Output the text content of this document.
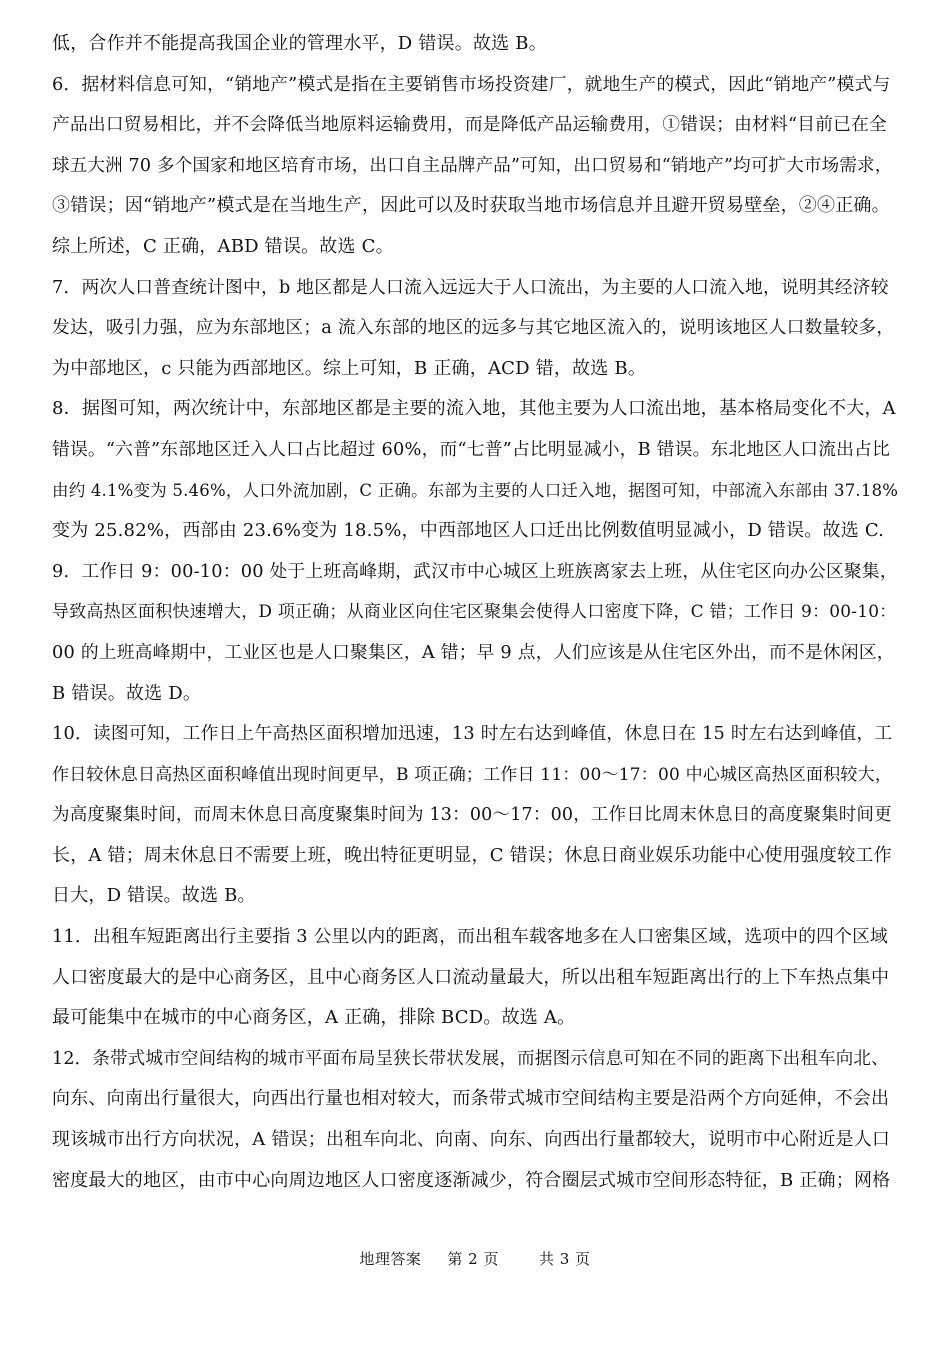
低，合作并不能提高我国企业的管理水平，D 错误。故选 B。
6．据材料信息可知，“销地产”模式是指在主要销售市场投资建厂，就地生产的模式，因此“销地产”模式与
产品出口贸易相比，并不会降低当地原料运输费用，而是降低产品运输费用，①错误；由材料“目前已在全
球五大洲 70 多个国家和地区培育市场，出口自主品牌产品”可知，出口贸易和“销地产”均可扩大市场需求，
③错误；因“销地产”模式是在当地生产，因此可以及时获取当地市场信息并且避开贸易壁垒，②④正确。
综上所述，C 正确，ABD 错误。故选 C。
7．两次人口普查统计图中，b 地区都是人口流入远远大于人口流出，为主要的人口流入地，说明其经济较
发达，吸引力强，应为东部地区；a 流入东部的地区的远多与其它地区流入的，说明该地区人口数量较多，
为中部地区，c 只能为西部地区。综上可知，B 正确，ACD 错，故选 B。
8．据图可知，两次统计中，东部地区都是主要的流入地，其他主要为人口流出地，基本格局变化不大，A
错误。“六普”东部地区迁入人口占比超过 60%，而“七普”占比明显减小，B 错误。东北地区人口流出占比
由约 4.1%变为 5.46%，人口外流加剧，C 正确。东部为主要的人口迁入地，据图可知，中部流入东部由 37.18%
变为 25.82%，西部由 23.6%变为 18.5%，中西部地区人口迁出比例数值明显减小，D 错误。故选 C.
9．工作日 9：00-10：00 处于上班高峰期，武汉市中心城区上班族离家去上班，从住宅区向办公区聚集，
导致高热区面积快速增大，D 项正确；从商业区向住宅区聚集会使得人口密度下降，C 错；工作日 9：00-10：
00 的上班高峰期中，工业区也是人口聚集区，A 错；早 9 点，人们应该是从住宅区外出，而不是休闲区，
B 错误。故选 D。
10．读图可知，工作日上午高热区面积增加迅速，13 时左右达到峰值，休息日在 15 时左右达到峰值，工
作日较休息日高热区面积峰值出现时间更早，B 项正确；工作日 11：00～17：00 中心城区高热区面积较大，
为高度聚集时间，而周末休息日高度聚集时间为 13：00～17：00，工作日比周末休息日的高度聚集时间更
长，A 错；周末休息日不需要上班，晚出特征更明显，C 错误；休息日商业娱乐功能中心使用强度较工作
日大，D 错误。故选 B。
11．出租车短距离出行主要指 3 公里以内的距离，而出租车载客地多在人口密集区域，选项中的四个区域
人口密度最大的是中心商务区，且中心商务区人口流动量最大，所以出租车短距离出行的上下车热点集中
最可能集中在城市的中心商务区，A 正确，排除 BCD。故选 A。
12．条带式城市空间结构的城市平面布局呈狭长带状发展，而据图示信息可知在不同的距离下出租车向北、
向东、向南出行量很大，向西出行量也相对较大，而条带式城市空间结构主要是沿两个方向延伸，不会出
现该城市出行方向状况，A 错误；出租车向北、向南、向东、向西出行量都较大，说明市中心附近是人口
密度最大的地区，由市中心向周边地区人口密度逐渐减少，符合圈层式城市空间形态特征，B 正确；网格
地理答案 第 2 页	共 3 页
